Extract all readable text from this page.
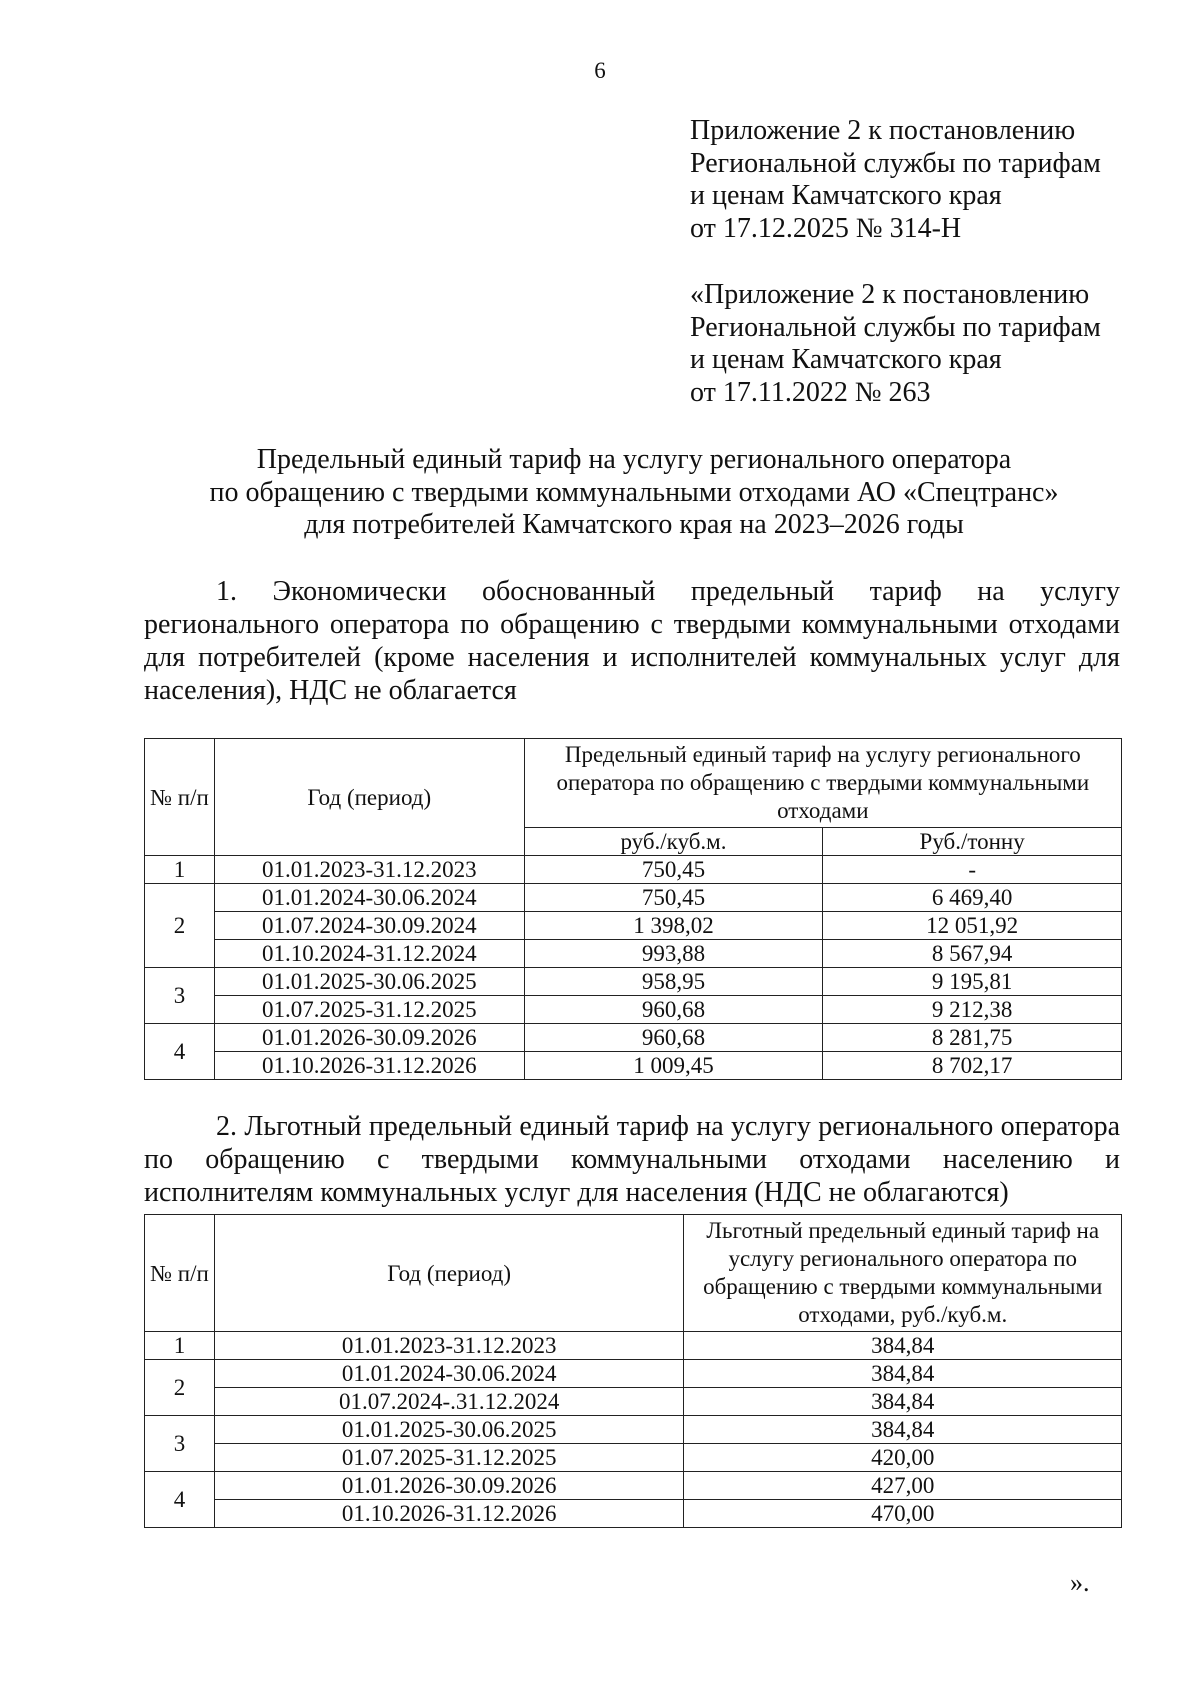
6
Приложение 2 к постановлению
Региональной службы по тарифам
и ценам Камчатского края
от 17.12.2025 № 314-Н
«Приложение 2 к постановлению
Региональной службы по тарифам
и ценам Камчатского края
от 17.11.2022 № 263
Предельный единый тариф на услугу регионального оператора
по обращению с твердыми коммунальными отходами АО «Спецтранс»
для потребителей Камчатского края на 2023–2026 годы
1. Экономически обоснованный предельный тариф на услугу
регионального оператора по обращению с твердыми коммунальными отходами
для потребителей (кроме населения и исполнителей коммунальных услуг для
населения), НДС не облагается
№ п/п	Год (период)	Предельный единый тариф на услугу регионального оператора по обращению с твердыми коммунальными отходами	
		руб./куб.м.	Руб./тонну
1	01.01.2023-31.12.2023	750,45	-
2	01.01.2024-30.06.2024	750,45	6 469,40
	01.07.2024-30.09.2024	1 398,02	12 051,92
	01.10.2024-31.12.2024	993,88	8 567,94
3	01.01.2025-30.06.2025	958,95	9 195,81
	01.07.2025-31.12.2025	960,68	9 212,38
4	01.01.2026-30.09.2026	960,68	8 281,75
	01.10.2026-31.12.2026	1 009,45	8 702,17
2. Льготный предельный единый тариф на услугу регионального оператора
по обращению с твердыми коммунальными отходами населению и
исполнителям коммунальных услуг для населения (НДС не облагаются)
№ п/п	Год (период)	Льготный предельный единый тариф на услугу регионального оператора по обращению с твердыми коммунальными отходами, руб./куб.м.
1	01.01.2023-31.12.2023	384,84
2	01.01.2024-30.06.2024	384,84
	01.07.2024-.31.12.2024	384,84
3	01.01.2025-30.06.2025	384,84
	01.07.2025-31.12.2025	420,00
4	01.01.2026-30.09.2026	427,00
	01.10.2026-31.12.2026	470,00
».
